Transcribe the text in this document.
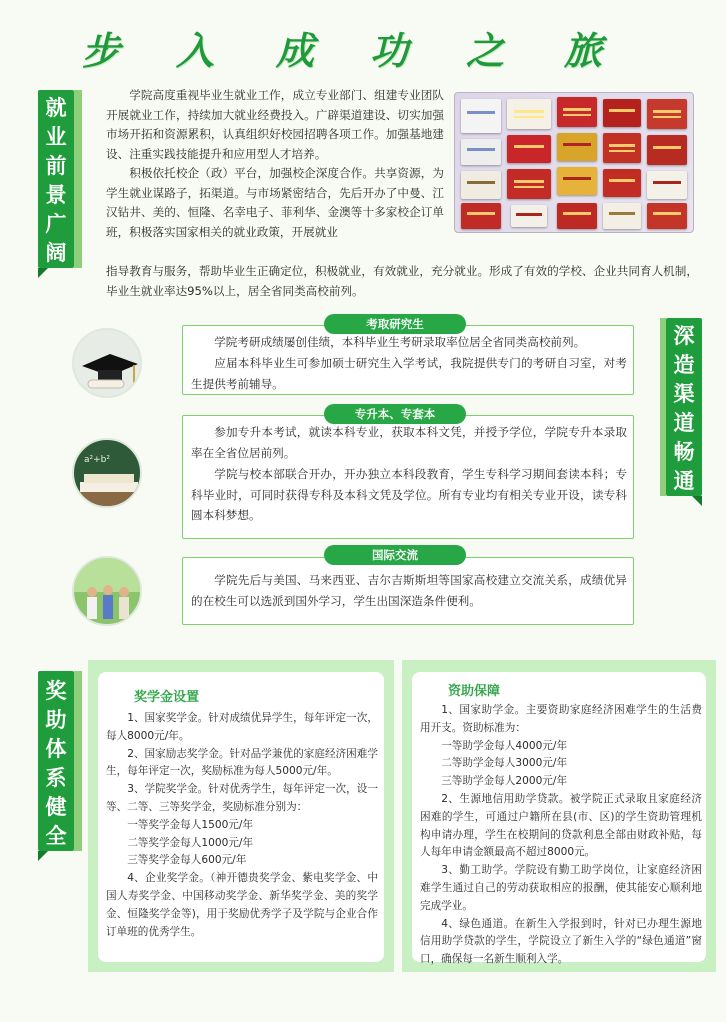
步 入 成 功 之 旅
就
业
前
景
广
阔

学院高度重视毕业生就业工作，成立专业部门、组建专业团队开展就业工作，持续加大就业经费投入。广辟渠道建设、切实加强市场开拓和资源累积，认真组织好校园招聘各项工作。加强基地建设、注重实践技能提升和应用型人才培养。

积极依托校企（政）平台，加强校企深度合作。共享资源，为学生就业谋路子，拓渠道。与市场紧密结合，先后开办了中曼、江汉钻井、美的、恒隆、名幸电子、菲利华、金澳等十多家校企订单班，积极落实国家相关的就业政策，开展就业

指导教育与服务，帮助毕业生正确定位，积极就业，有效就业，充分就业。形成了有效的学校、企业共同育人机制，毕业生就业率达95%以上，居全省同类高校前列。

深
造
渠
道
畅
通

学院考研成绩屡创佳绩，本科毕业生考研录取率位居全省同类高校前列。

应届本科毕业生可参加硕士研究生入学考试，我院提供专门的考研自习室，对考生提供考前辅导。

考取研究生
a²+b²

参加专升本考试，就读本科专业，获取本科文凭，并授予学位，学院专升本录取率在全省位居前列。

学院与校本部联合开办，开办独立本科段教育，学生专科学习期间套读本科；专科毕业时，可同时获得专科及本科文凭及学位。所有专业均有相关专业开设，读专科圆本科梦想。

专升本、专套本

学院先后与美国、马来西亚、吉尔吉斯斯坦等国家高校建立交流关系，成绩优异的在校生可以选派到国外学习，学生出国深造条件便利。

国际交流
奖
助
体
系
健
全
奖学金设置

1、国家奖学金。针对成绩优异学生，每年评定一次，每人8000元/年。

2、国家励志奖学金。针对品学兼优的家庭经济困难学生，每年评定一次，奖励标准为每人5000元/年。

3、学院奖学金。针对优秀学生，每年评定一次，设一等、二等、三等奖学金，奖励标准分别为：

一等奖学金每人1500元/年

二等奖学金每人1000元/年

三等奖学金每人600元/年

4、企业奖学金。（神开德贵奖学金、紫电奖学金、中国人寿奖学金、中国移动奖学金、新华奖学金、美的奖学金、恒隆奖学金等)，用于奖励优秀学子及学院与企业合作订单班的优秀学生。

资助保障

1、国家助学金。主要资助家庭经济困难学生的生活费用开支。资助标准为：

一等助学金每人4000元/年

二等助学金每人3000元/年

三等助学金每人2000元/年

2、生源地信用助学贷款。被学院正式录取且家庭经济困难的学生，可通过户籍所在县(市、区)的学生资助管理机构申请办理，学生在校期间的贷款利息全部由财政补贴，每人每年申请金额最高不超过8000元。

3、勤工助学。学院设有勤工助学岗位，让家庭经济困难学生通过自己的劳动获取相应的报酬，使其能安心顺利地完成学业。

4、绿色通道。在新生入学报到时，针对已办理生源地信用助学贷款的学生，学院设立了新生入学的“绿色通道”窗口，确保每一名新生顺利入学。
